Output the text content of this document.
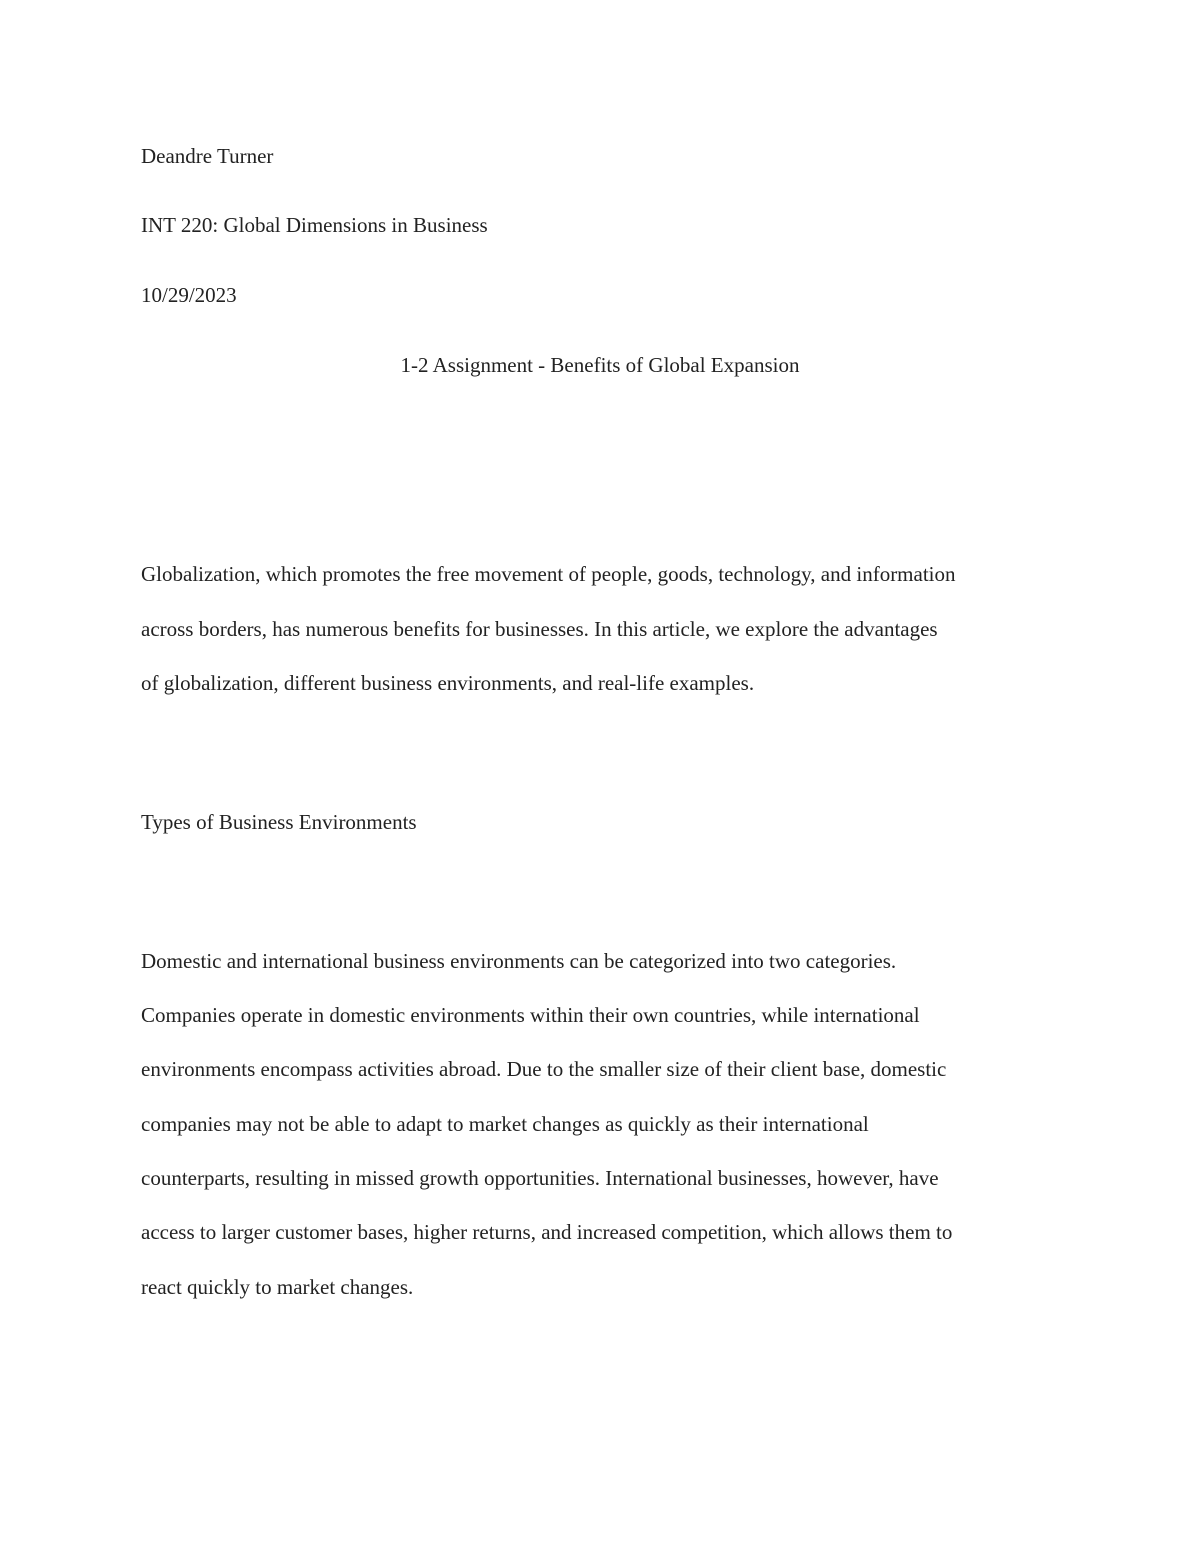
Deandre Turner

INT 220: Global Dimensions in Business

10/29/2023

1-2 Assignment - Benefits of Global Expansion

Globalization, which promotes the free movement of people, goods, technology, and information

across borders, has numerous benefits for businesses. In this article, we explore the advantages

of globalization, different business environments, and real-life examples.

Types of Business Environments

Domestic and international business environments can be categorized into two categories.

Companies operate in domestic environments within their own countries, while international

environments encompass activities abroad. Due to the smaller size of their client base, domestic

companies may not be able to adapt to market changes as quickly as their international

counterparts, resulting in missed growth opportunities. International businesses, however, have

access to larger customer bases, higher returns, and increased competition, which allows them to

react quickly to market changes.
